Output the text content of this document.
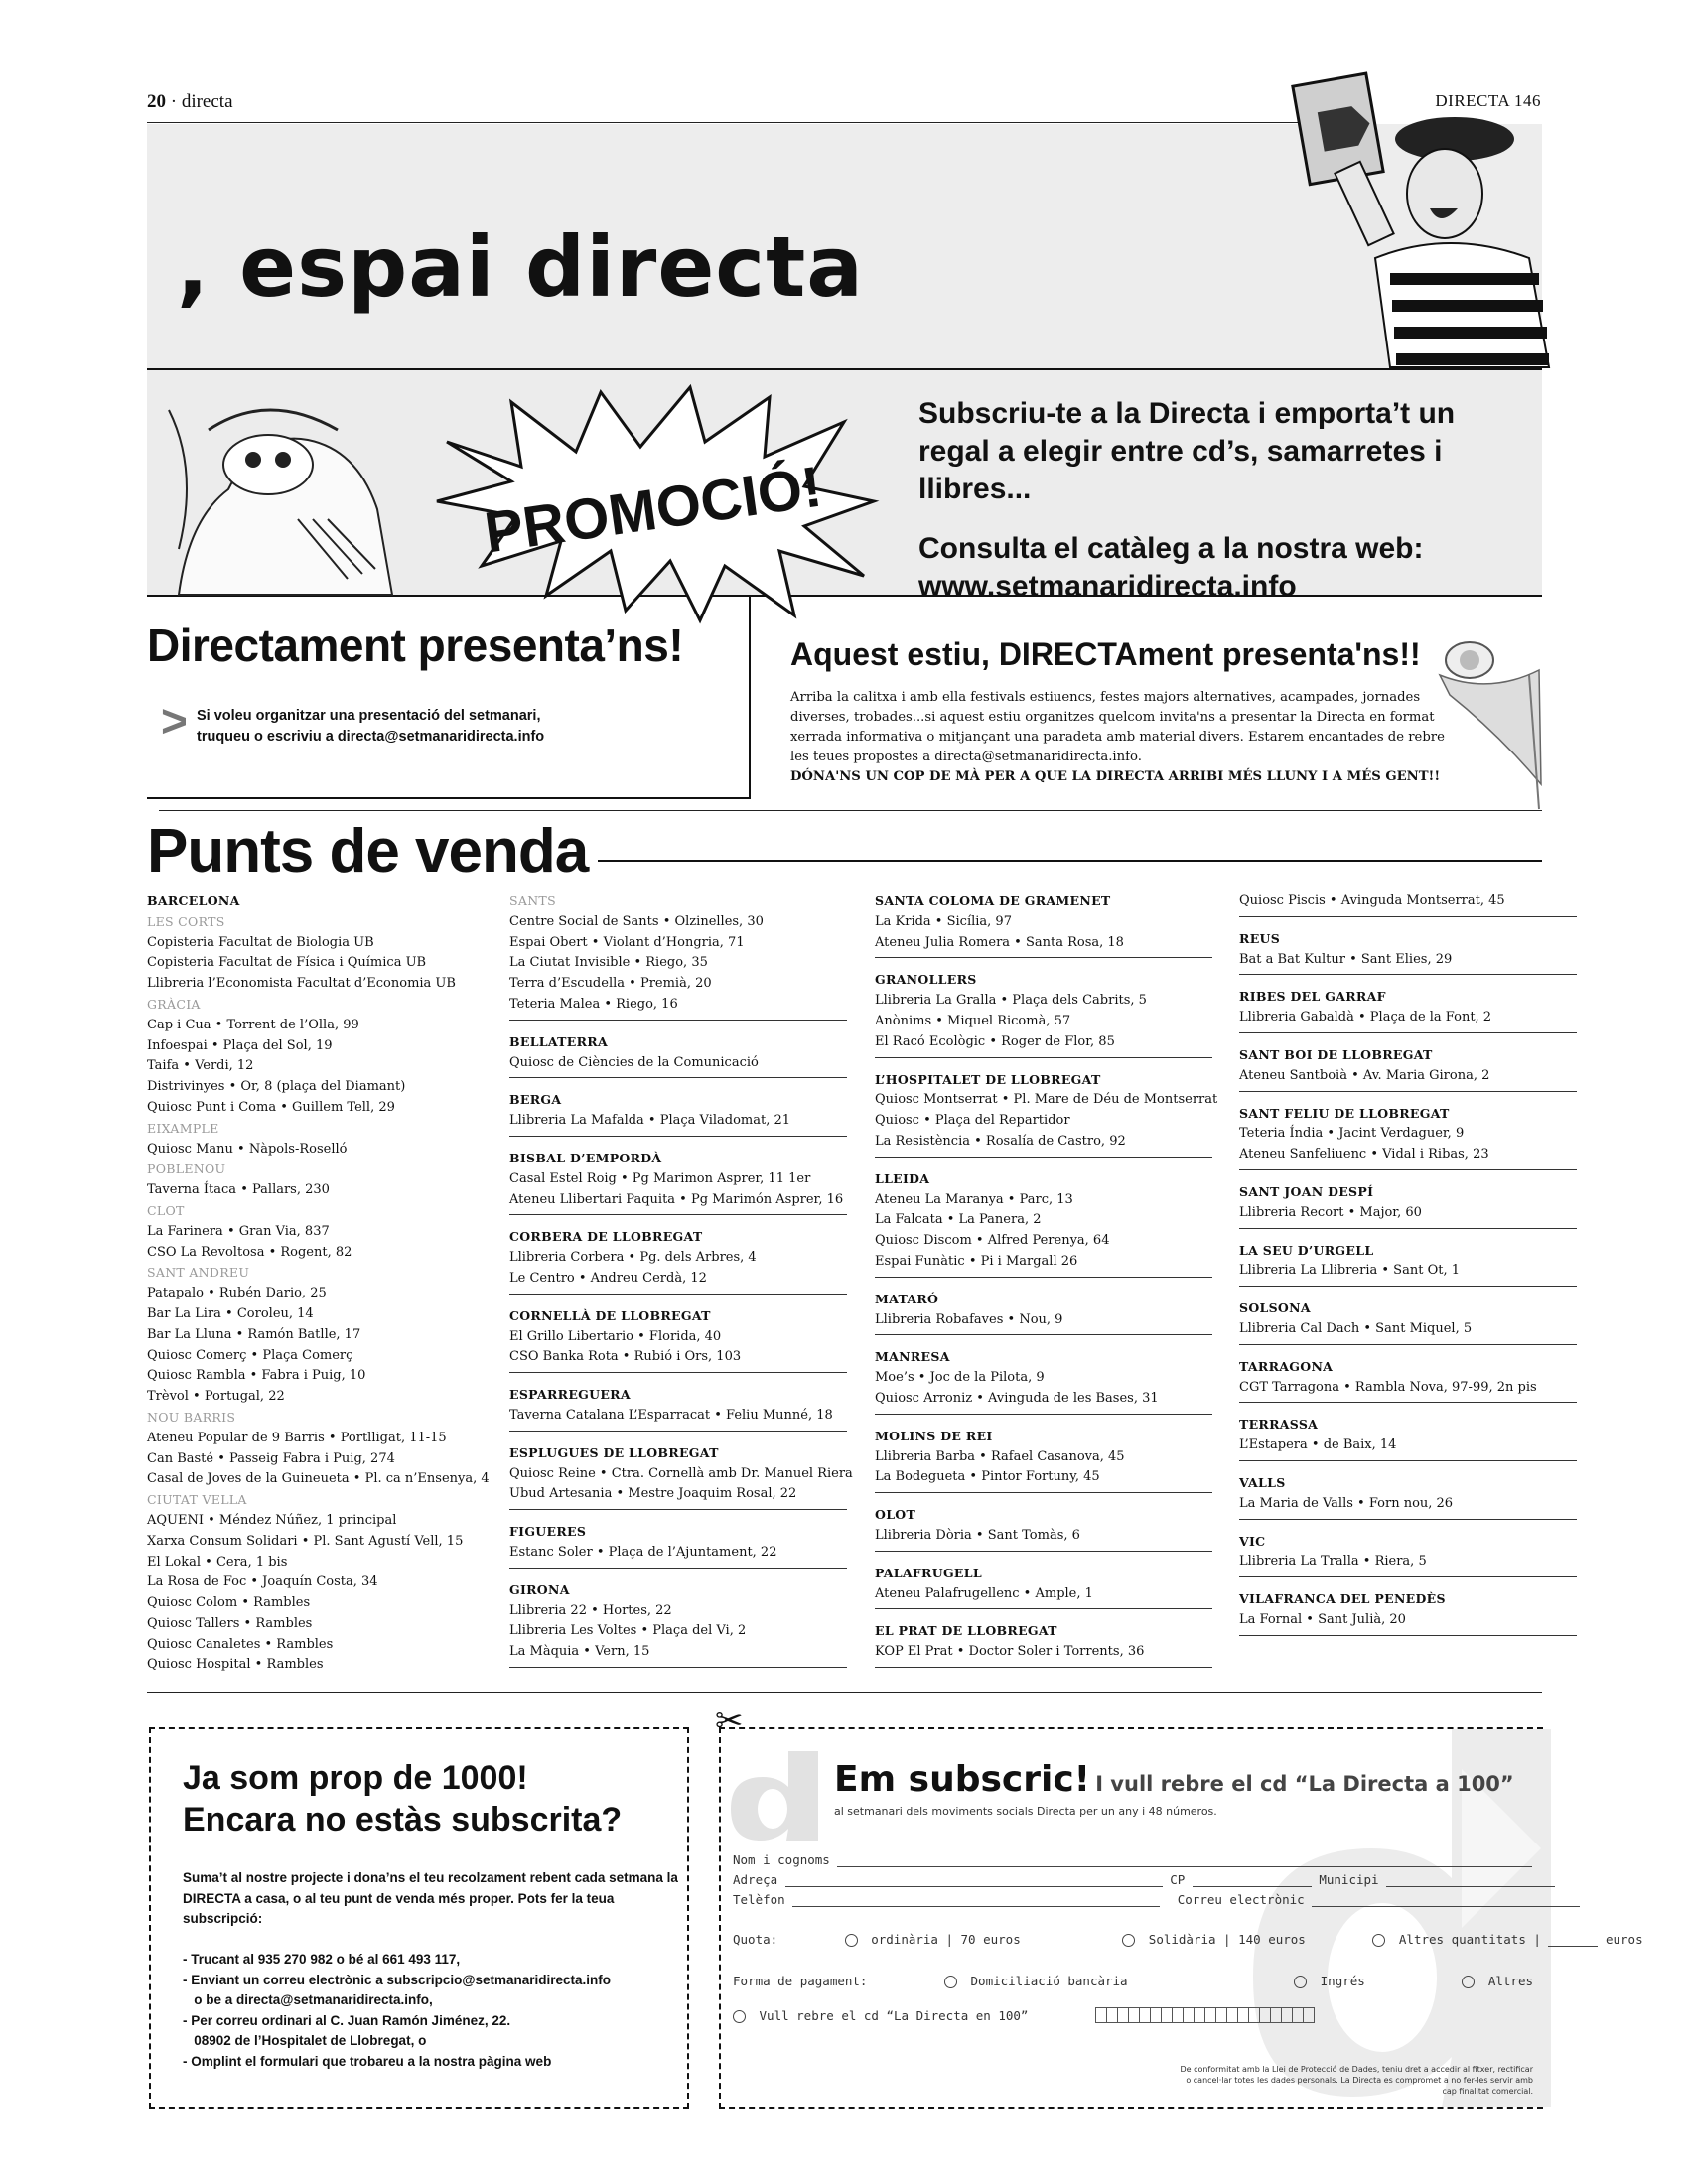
20 · directa	DIRECTA 146
, espai directa
PROMOCIÓ!

Subscriu-te a la Directa i emporta’t un regal a elegir entre cd’s, samarretes i llibres...

Consulta el catàleg a la nostra web: www.setmanaridirecta.info

Directament presenta’ns!
> Si voleu organitzar una presentació del setmanari,
truqueu o escriviu a directa@setmanaridirecta.info
Aquest estiu, DIRECTAment presenta'ns!!
Arriba la calitxa i amb ella festivals estiuencs, festes majors alternatives, acampades, jornades diverses, trobades...si aquest estiu organitzes quelcom invita'ns a presentar la Directa en format xerrada informativa o mitjançant una paradeta amb material divers. Estarem encantades de rebre les teues propostes a directa@setmanaridirecta.info.
DÓNA'NS UN COP DE MÀ PER A QUE LA DIRECTA ARRIBI MÉS LLUNY I A MÉS GENT!!
Punts de venda
BARCELONA
LES CORTS
Copisteria Facultat de Biologia UB
Copisteria Facultat de Física i Química UB
Llibreria l’Economista Facultat d’Economia UB
GRÀCIA
Cap i Cua • Torrent de l’Olla, 99
Infoespai • Plaça del Sol, 19
Taifa • Verdi, 12
Distrivinyes • Or, 8 (plaça del Diamant)
Quiosc Punt i Coma • Guillem Tell, 29
EIXAMPLE
Quiosc Manu • Nàpols-Roselló
POBLENOU
Taverna Ítaca • Pallars, 230
CLOT
La Farinera • Gran Via, 837
CSO La Revoltosa • Rogent, 82
SANT ANDREU
Patapalo • Rubén Dario, 25
Bar La Lira • Coroleu, 14
Bar La Lluna • Ramón Batlle, 17
Quiosc Comerç • Plaça Comerç
Quiosc Rambla • Fabra i Puig, 10
Trèvol • Portugal, 22
NOU BARRIS
Ateneu Popular de 9 Barris • Portlligat, 11-15
Can Basté • Passeig Fabra i Puig, 274
Casal de Joves de la Guineueta • Pl. ca n’Ensenya, 4
CIUTAT VELLA
AQUENI • Méndez Núñez, 1 principal
Xarxa Consum Solidari • Pl. Sant Agustí Vell, 15
El Lokal • Cera, 1 bis
La Rosa de Foc • Joaquín Costa, 34
Quiosc Colom • Rambles
Quiosc Tallers • Rambles
Quiosc Canaletes • Rambles
Quiosc Hospital • Rambles
SANTS
Centre Social de Sants • Olzinelles, 30
Espai Obert • Violant d’Hongria, 71
La Ciutat Invisible • Riego, 35
Terra d’Escudella • Premià, 20
Teteria Malea • Riego, 16
BELLATERRA
Quiosc de Ciències de la Comunicació
BERGA
Llibreria La Mafalda • Plaça Viladomat, 21
BISBAL D’EMPORDÀ
Casal Estel Roig • Pg Marimon Asprer, 11 1er
Ateneu Llibertari Paquita • Pg Marimón Asprer, 16
CORBERA DE LLOBREGAT
Llibreria Corbera • Pg. dels Arbres, 4
Le Centro • Andreu Cerdà, 12
CORNELLÀ DE LLOBREGAT
El Grillo Libertario • Florida, 40
CSO Banka Rota • Rubió i Ors, 103
ESPARREGUERA
Taverna Catalana L’Esparracat • Feliu Munné, 18
ESPLUGUES DE LLOBREGAT
Quiosc Reine • Ctra. Cornellà amb Dr. Manuel Riera
Ubud Artesania • Mestre Joaquim Rosal, 22
FIGUERES
Estanc Soler • Plaça de l’Ajuntament, 22
GIRONA
Llibreria 22 • Hortes, 22
Llibreria Les Voltes • Plaça del Vi, 2
La Màquia • Vern, 15
SANTA COLOMA DE GRAMENET
La Krida • Sicília, 97
Ateneu Julia Romera • Santa Rosa, 18
GRANOLLERS
Llibreria La Gralla • Plaça dels Cabrits, 5
Anònims • Miquel Ricomà, 57
El Racó Ecològic • Roger de Flor, 85
L’HOSPITALET DE LLOBREGAT
Quiosc Montserrat • Pl. Mare de Déu de Montserrat
Quiosc • Plaça del Repartidor
La Resistència • Rosalía de Castro, 92
LLEIDA
Ateneu La Maranya • Parc, 13
La Falcata • La Panera, 2
Quiosc Discom • Alfred Perenya, 64
Espai Funàtic • Pi i Margall 26
MATARÓ
Llibreria Robafaves • Nou, 9
MANRESA
Moe’s • Joc de la Pilota, 9
Quiosc Arroniz • Avinguda de les Bases, 31
MOLINS DE REI
Llibreria Barba • Rafael Casanova, 45
La Bodegueta • Pintor Fortuny, 45
OLOT
Llibreria Dòria • Sant Tomàs, 6
PALAFRUGELL
Ateneu Palafrugellenc • Ample, 1
EL PRAT DE LLOBREGAT
KOP El Prat • Doctor Soler i Torrents, 36
Quiosc Piscis • Avinguda Montserrat, 45
REUS
Bat a Bat Kultur • Sant Elies, 29
RIBES DEL GARRAF
Llibreria Gabaldà • Plaça de la Font, 2
SANT BOI DE LLOBREGAT
Ateneu Santboià • Av. Maria Girona, 2
SANT FELIU DE LLOBREGAT
Teteria Índia • Jacint Verdaguer, 9
Ateneu Sanfeliuenc • Vidal i Ribas, 23
SANT JOAN DESPÍ
Llibreria Recort • Major, 60
LA SEU D’URGELL
Llibreria La Llibreria • Sant Ot, 1
SOLSONA
Llibreria Cal Dach • Sant Miquel, 5
TARRAGONA
CGT Tarragona • Rambla Nova, 97-99, 2n pis
TERRASSA
L’Estapera • de Baix, 14
VALLS
La Maria de Valls • Forn nou, 26
VIC
Llibreria La Tralla • Riera, 5
VILAFRANCA DEL PENEDÈS
La Fornal • Sant Julià, 20
✂
Ja som prop de 1000!
Encara no estàs subscrita?
Suma’t al nostre projecte i dona’ns el teu recolzament rebent cada setmana la DIRECTA a casa, o al teu punt de venda més proper. Pots fer la teua subscripció:
- Trucant al 935 270 982 o bé al 661 493 117,
- Enviant un correu electrònic a subscripcio@setmanaridirecta.info
o be a directa@setmanaridirecta.info,
- Per correu ordinari al C. Juan Ramón Jiménez, 22.
08902 de l’Hospitalet de Llobregat, o
- Omplint el formulari que trobareu a la nostra pàgina web
Em subscric! I vull rebre el cd “La Directa a 100”
al setmanari dels moviments socials Directa per un any i 48 números.
Nom i cognoms
Adreça	CP	Municipi
Telèfon	Correu electrònic
Quota:	ordinària | 70 euros	Solidària | 140 euros	Altres quantitats |	euros
Forma de pagament:	Domiciliació bancària	Ingrés	Altres
Vull rebre el cd “La Directa en 100”
De conformitat amb la Llei de Protecció de Dades, teniu dret a accedir al fitxer, rectificar o cancel·lar totes les dades personals. La Directa es compromet a no fer-les servir amb cap finalitat comercial.
